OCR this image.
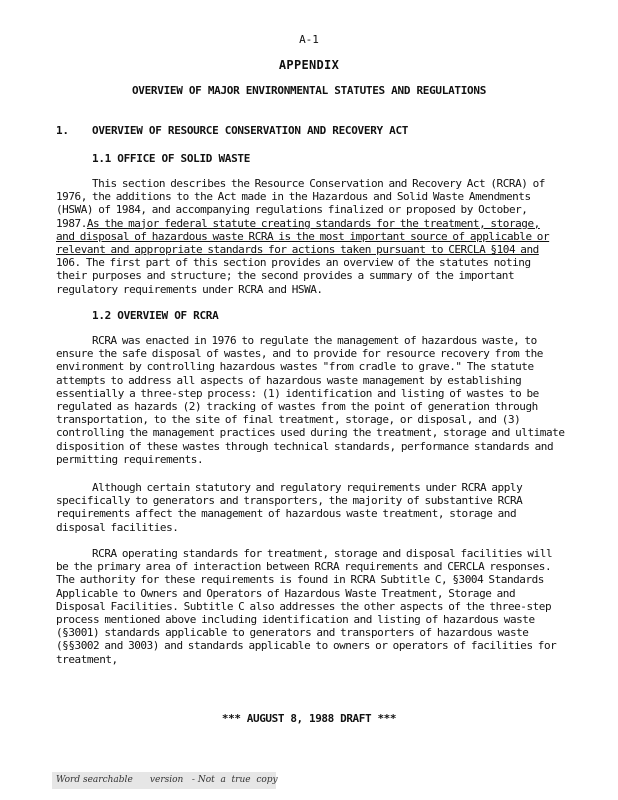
A-1
APPENDIX
OVERVIEW OF MAJOR ENVIRONMENTAL STATUTES AND REGULATIONS
1. OVERVIEW OF RESOURCE CONSERVATION AND RECOVERY ACT
1.1 OFFICE OF SOLID WASTE
This section describes the Resource Conservation and Recovery Act (RCRA) of
1976, the additions to the Act made in the Hazardous and Solid Waste Amendments
(HSWA) of 1984, and accompanying regulations finalized or proposed by October,
1987.As the major federal statute creating standards for the treatment, storage,
and disposal of hazardous waste RCRA is the most important source of applicable or
relevant and appropriate standards for actions taken pursuant to CERCLA §104 and
106. The first part of this section provides an overview of the statutes noting
their purposes and structure; the second provides a summary of the important
regulatory requirements under RCRA and HSWA.
1.2 OVERVIEW OF RCRA
RCRA was enacted in 1976 to regulate the management of hazardous waste, to
ensure the safe disposal of wastes, and to provide for resource recovery from the
environment by controlling hazardous wastes "from cradle to grave." The statute
attempts to address all aspects of hazardous waste management by establishing
essentially a three-step process: (1) identification and listing of wastes to be
regulated as hazards (2) tracking of wastes from the point of generation through
transportation, to the site of final treatment, storage, or disposal, and (3)
controlling the management practices used during the treatment, storage and ultimate
disposition of these wastes through technical standards, performance standards and
permitting requirements.
Although certain statutory and regulatory requirements under RCRA apply
specifically to generators and transporters, the majority of substantive RCRA
requirements affect the management of hazardous waste treatment, storage and
disposal facilities.
RCRA operating standards for treatment, storage and disposal facilities will
be the primary area of interaction between RCRA requirements and CERCLA responses.
The authority for these requirements is found in RCRA Subtitle C, §3004 Standards
Applicable to Owners and Operators of Hazardous Waste Treatment, Storage and
Disposal Facilities. Subtitle C also addresses the other aspects of the three-step
process mentioned above including identification and listing of hazardous waste
(§3001) standards applicable to generators and transporters of hazardous waste
(§§3002 and 3003) and standards applicable to owners or operators of facilities for
treatment,
*** AUGUST 8, 1988 DRAFT ***
Word searchable      version   - Not  a  true  copy
